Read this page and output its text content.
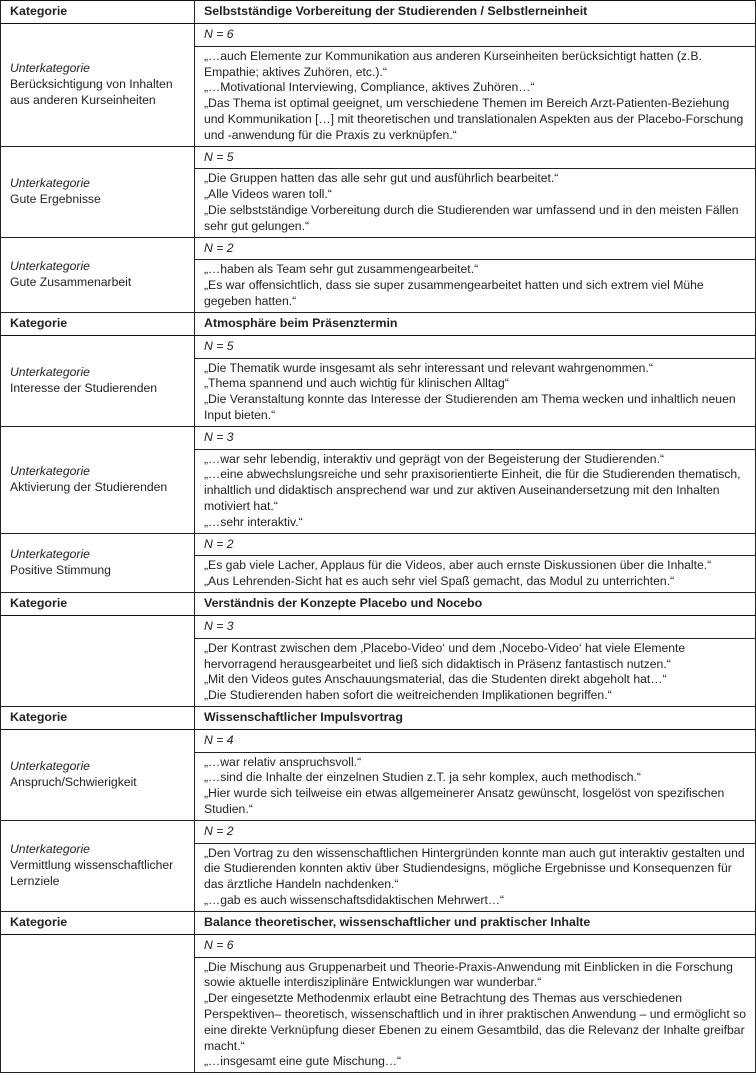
Kategorie	Selbstständige Vorbereitung der Studierenden / Selbstlerneinheit

Unterkategorie
Berücksichtigung von Inhalten aus anderen Kurseinheiten	N = 6

	„…auch Elemente zur Kommunikation aus anderen Kurseinheiten berücksichtigt hatten (z.B. Empathie; aktives Zuhören, etc.).“
„…Motivational Interviewing, Compliance, aktives Zuhören…“
„Das Thema ist optimal geeignet, um verschiedene Themen im Bereich Arzt-Patienten-Beziehung und Kommunikation […] mit theoretischen und translationalen Aspekten aus der Placebo-Forschung und -anwendung für die Praxis zu verknüpfen.“

Unterkategorie
Gute Ergebnisse	N = 5

	„Die Gruppen hatten das alle sehr gut und ausführlich bearbeitet.“
„Alle Videos waren toll.“
„Die selbstständige Vorbereitung durch die Studierenden war umfassend und in den meisten Fällen sehr gut gelungen.“

Unterkategorie
Gute Zusammenarbeit	N = 2

	„…haben als Team sehr gut zusammengearbeitet.“
„Es war offensichtlich, dass sie super zusammengearbeitet hatten und sich extrem viel Mühe gegeben hatten.“

Kategorie	Atmosphäre beim Präsenztermin

Unterkategorie
Interesse der Studierenden	N = 5

	„Die Thematik wurde insgesamt als sehr interessant und relevant wahrgenommen.“
„Thema spannend und auch wichtig für klinischen Alltag“
„Die Veranstaltung konnte das Interesse der Studierenden am Thema wecken und inhaltlich neuen Input bieten.“

Unterkategorie
Aktivierung der Studierenden	N = 3

	„…war sehr lebendig, interaktiv und geprägt von der Begeisterung der Studierenden.“
„…eine abwechslungsreiche und sehr praxisorientierte Einheit, die für die Studierenden thematisch, inhaltlich und didaktisch ansprechend war und zur aktiven Auseinandersetzung mit den Inhalten motiviert hat.“
„…sehr interaktiv.“

Unterkategorie
Positive Stimmung	N = 2

	„Es gab viele Lacher, Applaus für die Videos, aber auch ernste Diskussionen über die Inhalte.“
„Aus Lehrenden-Sicht hat es auch sehr viel Spaß gemacht, das Modul zu unterrichten.“

Kategorie	Verständnis der Konzepte Placebo und Nocebo
	N = 3

	„Der Kontrast zwischen dem ‚Placebo-Video‘ und dem ‚Nocebo-Video‘ hat viele Elemente hervorragend herausgearbeitet und ließ sich didaktisch in Präsenz fantastisch nutzen.“
„Mit den Videos gutes Anschauungsmaterial, das die Studenten direkt abgeholt hat…“
„Die Studierenden haben sofort die weitreichenden Implikationen begriffen.“

Kategorie	Wissenschaftlicher Impulsvortrag

Unterkategorie
Anspruch/Schwierigkeit	N = 4

	„…war relativ anspruchsvoll.“
„…sind die Inhalte der einzelnen Studien z.T. ja sehr komplex, auch methodisch.“
„Hier wurde sich teilweise ein etwas allgemeinerer Ansatz gewünscht, losgelöst von spezifischen Studien.“

Unterkategorie
Vermittlung wissenschaftlicher Lernziele	N = 2

	„Den Vortrag zu den wissenschaftlichen Hintergründen konnte man auch gut interaktiv gestalten und die Studierenden konnten aktiv über Studiendesigns, mögliche Ergebnisse und Konsequenzen für das ärztliche Handeln nachdenken.“
„…gab es auch wissenschaftsdidaktischen Mehrwert…“

Kategorie	Balance theoretischer, wissenschaftlicher und praktischer Inhalte
	N = 6

	„Die Mischung aus Gruppenarbeit und Theorie-Praxis-Anwendung mit Einblicken in die Forschung sowie aktuelle interdisziplinäre Entwicklungen war wunderbar.“
„Der eingesetzte Methodenmix erlaubt eine Betrachtung des Themas aus verschiedenen Perspektiven– theoretisch, wissenschaftlich und in ihrer praktischen Anwendung – und ermöglicht so eine direkte Verknüpfung dieser Ebenen zu einem Gesamtbild, das die Relevanz der Inhalte greifbar macht.“
„…insgesamt eine gute Mischung…“
